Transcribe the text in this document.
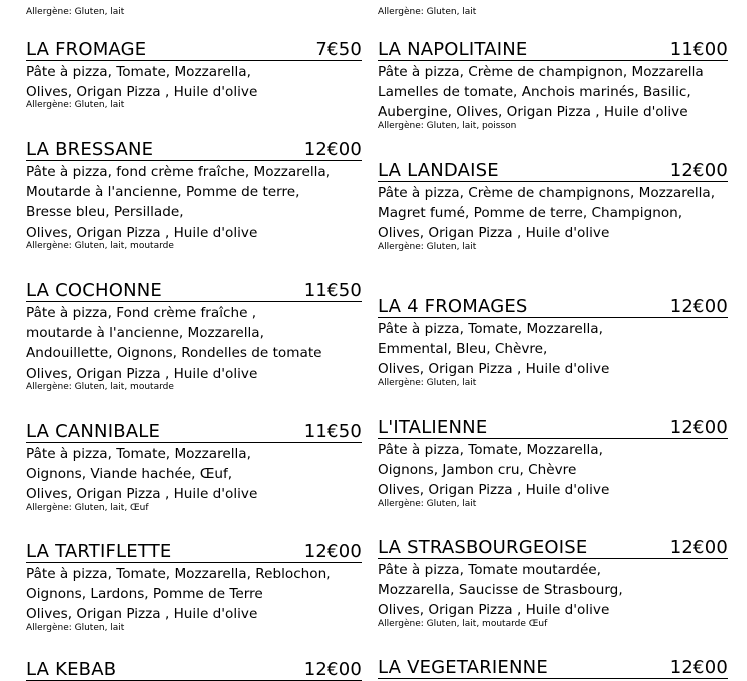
Allergène: Gluten, lait
LA FROMAGE	7€50
Pâte à pizza, Tomate, Mozzarella,
Olives, Origan Pizza , Huile d'olive
Allergène: Gluten, lait
LA BRESSANE	12€00
Pâte à pizza, fond crème fraîche, Mozzarella,
Moutarde à l'ancienne, Pomme de terre,
Bresse bleu, Persillade,
Olives, Origan Pizza , Huile d'olive
Allergène: Gluten, lait, moutarde
LA COCHONNE	11€50
Pâte à pizza, Fond crème fraîche ,
moutarde à l'ancienne, Mozzarella,
Andouillette, Oignons, Rondelles de tomate
Olives, Origan Pizza , Huile d'olive
Allergène: Gluten, lait, moutarde
LA CANNIBALE	11€50
Pâte à pizza, Tomate, Mozzarella,
Oignons, Viande hachée, Œuf,
Olives, Origan Pizza , Huile d'olive
Allergène: Gluten, lait, Œuf
LA TARTIFLETTE	12€00
Pâte à pizza, Tomate, Mozzarella, Reblochon,
Oignons, Lardons, Pomme de Terre
Olives, Origan Pizza , Huile d'olive
Allergène: Gluten, lait
LA KEBAB	12€00
Allergène: Gluten, lait
LA NAPOLITAINE	11€00
Pâte à pizza, Crème de champignon, Mozzarella
Lamelles de tomate, Anchois marinés, Basilic,
Aubergine, Olives, Origan Pizza , Huile d'olive
Allergène: Gluten, lait, poisson
LA LANDAISE	12€00
Pâte à pizza, Crème de champignons, Mozzarella,
Magret fumé, Pomme de terre, Champignon,
Olives, Origan Pizza , Huile d'olive
Allergène: Gluten, lait
LA 4 FROMAGES	12€00
Pâte à pizza, Tomate, Mozzarella,
Emmental, Bleu, Chèvre,
Olives, Origan Pizza , Huile d'olive
Allergène: Gluten, lait
L'ITALIENNE	12€00
Pâte à pizza, Tomate, Mozzarella,
Oignons, Jambon cru, Chèvre
Olives, Origan Pizza , Huile d'olive
Allergène: Gluten, lait
LA STRASBOURGEOISE	12€00
Pâte à pizza, Tomate moutardée,
Mozzarella, Saucisse de Strasbourg,
Olives, Origan Pizza , Huile d'olive
Allergène: Gluten, lait, moutarde Œuf
LA VEGETARIENNE	12€00
